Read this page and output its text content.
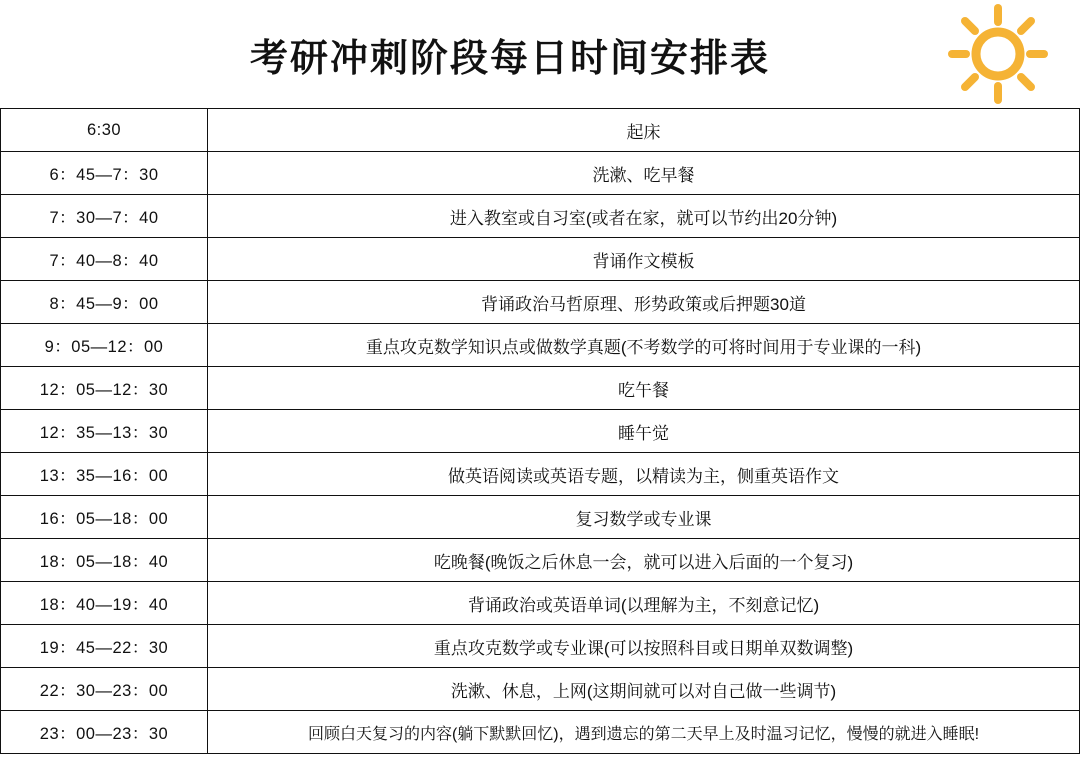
考研冲刺阶段每日时间安排表
6:30	起床
6：45—7：30	洗漱、吃早餐
7：30—7：40	进入教室或自习室(或者在家，就可以节约出20分钟)
7：40—8：40	背诵作文模板
8：45—9：00	背诵政治马哲原理、形势政策或后押题30道
9：05—12：00	重点攻克数学知识点或做数学真题(不考数学的可将时间用于专业课的一科)
12：05—12：30	吃午餐
12：35—13：30	睡午觉
13：35—16：00	做英语阅读或英语专题，以精读为主，侧重英语作文
16：05—18：00	复习数学或专业课
18：05—18：40	吃晚餐(晚饭之后休息一会，就可以进入后面的一个复习)
18：40—19：40	背诵政治或英语单词(以理解为主，不刻意记忆)
19：45—22：30	重点攻克数学或专业课(可以按照科目或日期单双数调整)
22：30—23：00	洗漱、休息，上网(这期间就可以对自己做一些调节)
23：00—23：30	回顾白天复习的内容(躺下默默回忆)，遇到遗忘的第二天早上及时温习记忆，慢慢的就进入睡眠!
